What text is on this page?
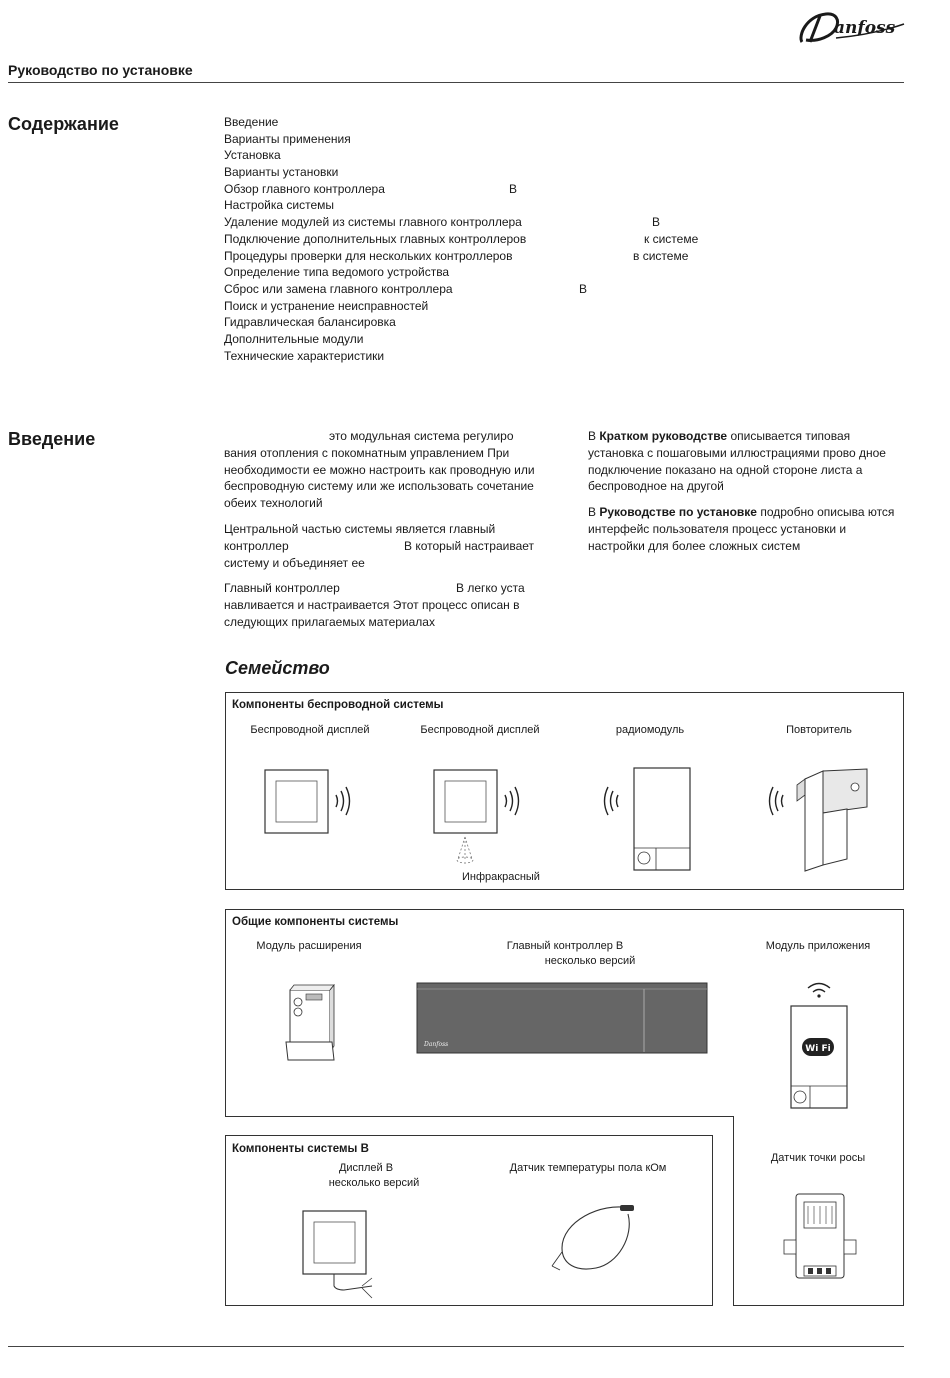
anfoss
Руководство по установке
Содержание	Введение
Варианты применения
Установка
Варианты установки
Обзор главного контроллера	В
Настройка системы
Удаление модулей из системы главного контроллера	В
Подключение дополнительных главных контроллеров	к системе
Процедуры проверки для нескольких контроллеров	в системе
Определение типа ведомого устройства
Сброс или замена главного контроллера	В
Поиск и устранение неисправностей
Гидравлическая балансировка
Дополнительные модули
Технические характеристики
Введение	это модульная система регулиро
вания отопления с покомнатным управлением При необходимости ее можно настроить как проводную или беспроводную систему или же использовать сочетание обеих технологий

Центральной частью системы является главный
контроллер	В который настраивает
систему и объединяет ее

Главный контроллер	В легко уста
навливается и настраивается Этот процесс описан в следующих прилагаемых материалах

В Кратком руководстве описывается типовая установка с пошаговыми иллюстрациями прово дное подключение показано на одной стороне листа а беспроводное на другой

В Руководстве по установке подробно описыва ются интерфейс пользователя процесс установки и настройки для более сложных систем

Семейство
Компоненты беспроводной системы
Беспроводной дисплей	Беспроводной дисплей	радиомодуль	Повторитель
Инфракрасный
Общие компоненты системы
Модуль расширения	Главный контроллер В
несколько версий
Модуль приложения
Danfoss	Wi Fi
Компоненты системы В
Дисплей В
несколько версий
Датчик температуры пола кОм
Датчик точки росы
